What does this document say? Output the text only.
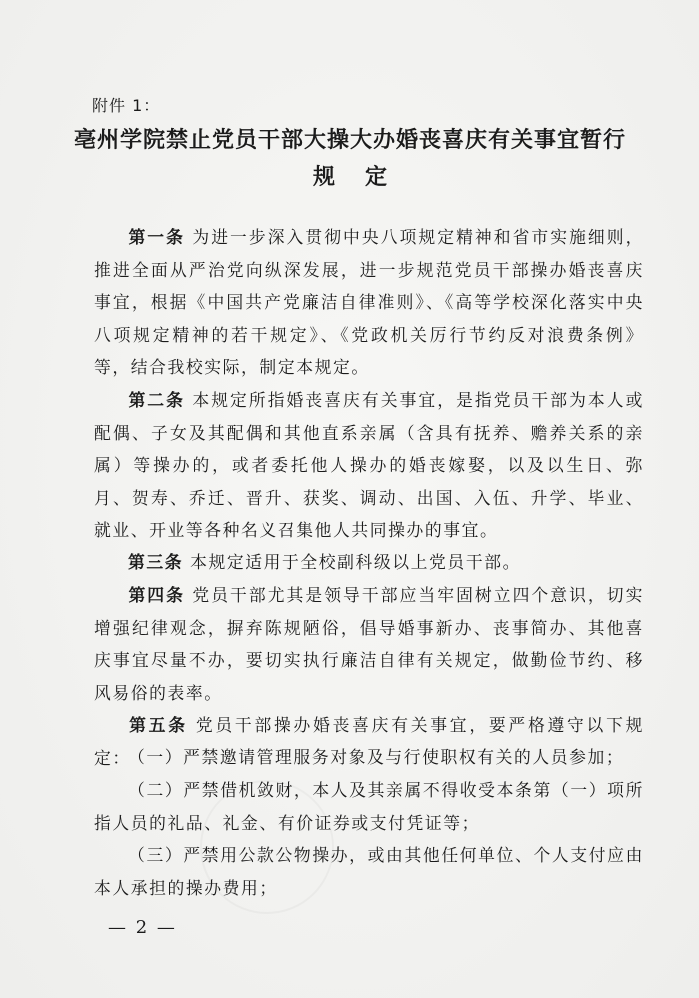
附件 1：
亳州学院禁止党员干部大操大办婚丧喜庆有关事宜暂行
规定

第一条 为进一步深入贯彻中央八项规定精神和省市实施细则，推进全面从严治党向纵深发展，进一步规范党员干部操办婚丧喜庆事宜，根据《中国共产党廉洁自律准则》、《高等学校深化落实中央八项规定精神的若干规定》、《党政机关厉行节约反对浪费条例》等，结合我校实际，制定本规定。

第二条 本规定所指婚丧喜庆有关事宜，是指党员干部为本人或配偶、子女及其配偶和其他直系亲属（含具有抚养、赡养关系的亲属）等操办的，或者委托他人操办的婚丧嫁娶，以及以生日、弥月、贺寿、乔迁、晋升、获奖、调动、出国、入伍、升学、毕业、就业、开业等各种名义召集他人共同操办的事宜。

第三条 本规定适用于全校副科级以上党员干部。

第四条 党员干部尤其是领导干部应当牢固树立四个意识，切实增强纪律观念，摒弃陈规陋俗，倡导婚事新办、丧事简办、其他喜庆事宜尽量不办，要切实执行廉洁自律有关规定，做勤俭节约、移风易俗的表率。

第五条 党员干部操办婚丧喜庆有关事宜，要严格遵守以下规定：

（一）严禁邀请管理服务对象及与行使职权有关的人员参加；

（二）严禁借机敛财，本人及其亲属不得收受本条第（一）项所指人员的礼品、礼金、有价证券或支付凭证等；

（三）严禁用公款公物操办，或由其他任何单位、个人支付应由本人承担的操办费用；

— 2 —
